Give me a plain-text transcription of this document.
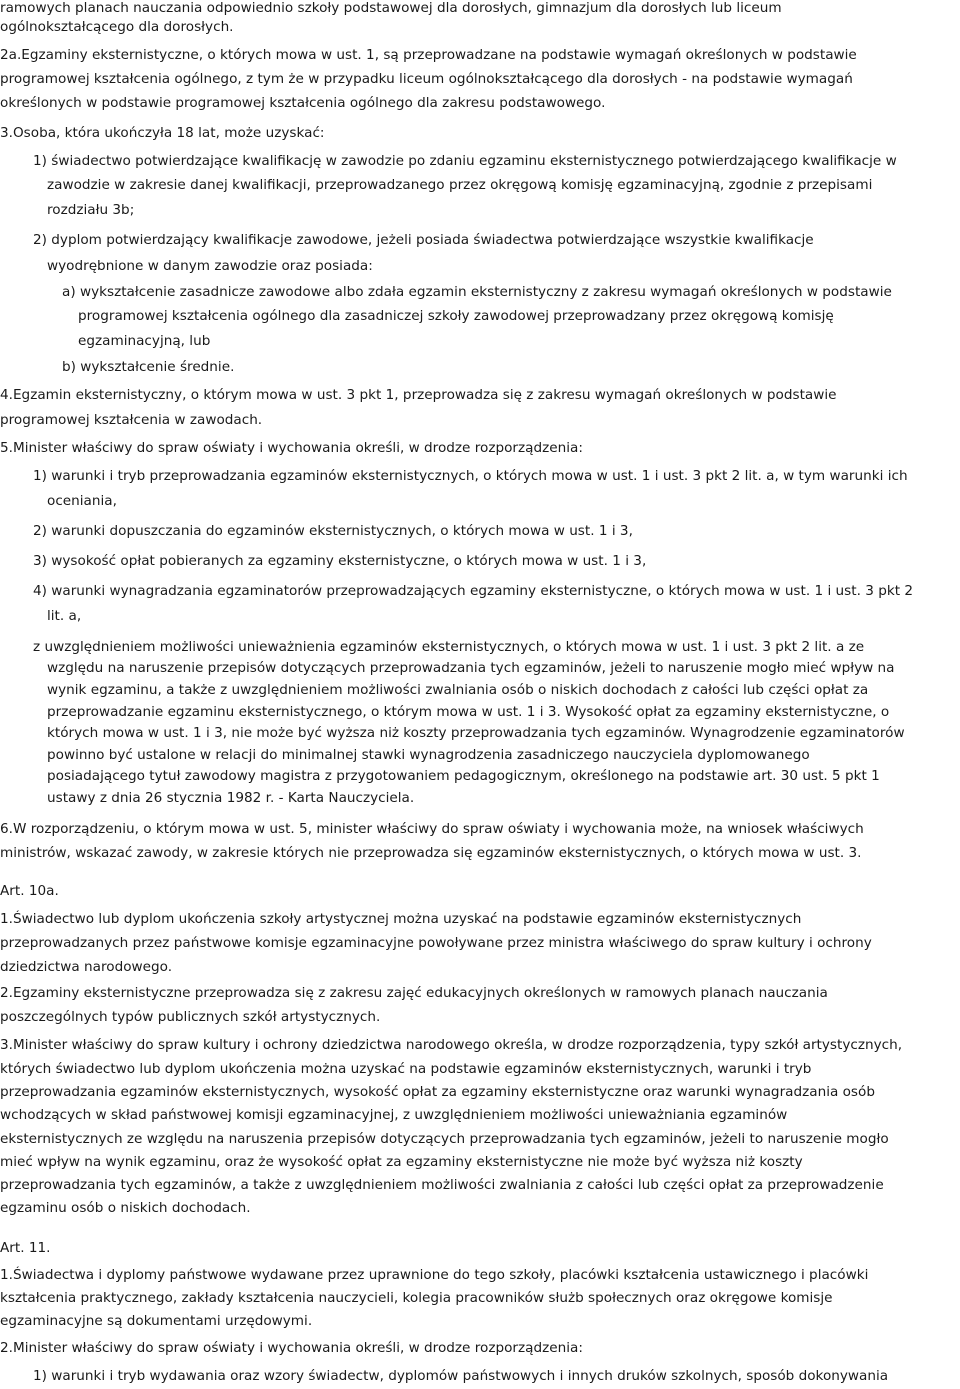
ramowych planach nauczania odpowiednio szkoły podstawowej dla dorosłych, gimnazjum dla dorosłych lub liceum
ogólnokształcącego dla dorosłych.
2a.Egzaminy eksternistyczne, o których mowa w ust. 1, są przeprowadzane na podstawie wymagań określonych w podstawie
programowej kształcenia ogólnego, z tym że w przypadku liceum ogólnokształcącego dla dorosłych - na podstawie wymagań
określonych w podstawie programowej kształcenia ogólnego dla zakresu podstawowego.
3.Osoba, która ukończyła 18 lat, może uzyskać:
1) świadectwo potwierdzające kwalifikację w zawodzie po zdaniu egzaminu eksternistycznego potwierdzającego kwalifikacje w
zawodzie w zakresie danej kwalifikacji, przeprowadzanego przez okręgową komisję egzaminacyjną, zgodnie z przepisami
rozdziału 3b;
2) dyplom potwierdzający kwalifikacje zawodowe, jeżeli posiada świadectwa potwierdzające wszystkie kwalifikacje
wyodrębnione w danym zawodzie oraz posiada:
a) wykształcenie zasadnicze zawodowe albo zdała egzamin eksternistyczny z zakresu wymagań określonych w podstawie
programowej kształcenia ogólnego dla zasadniczej szkoły zawodowej przeprowadzany przez okręgową komisję
egzaminacyjną, lub
b) wykształcenie średnie.
4.Egzamin eksternistyczny, o którym mowa w ust. 3 pkt 1, przeprowadza się z zakresu wymagań określonych w podstawie
programowej kształcenia w zawodach.
5.Minister właściwy do spraw oświaty i wychowania określi, w drodze rozporządzenia:
1) warunki i tryb przeprowadzania egzaminów eksternistycznych, o których mowa w ust. 1 i ust. 3 pkt 2 lit. a, w tym warunki ich
oceniania,
2) warunki dopuszczania do egzaminów eksternistycznych, o których mowa w ust. 1 i 3,
3) wysokość opłat pobieranych za egzaminy eksternistyczne, o których mowa w ust. 1 i 3,
4) warunki wynagradzania egzaminatorów przeprowadzających egzaminy eksternistyczne, o których mowa w ust. 1 i ust. 3 pkt 2
lit. a,
z uwzględnieniem możliwości unieważnienia egzaminów eksternistycznych, o których mowa w ust. 1 i ust. 3 pkt 2 lit. a ze
względu na naruszenie przepisów dotyczących przeprowadzania tych egzaminów, jeżeli to naruszenie mogło mieć wpływ na
wynik egzaminu, a także z uwzględnieniem możliwości zwalniania osób o niskich dochodach z całości lub części opłat za
przeprowadzanie egzaminu eksternistycznego, o którym mowa w ust. 1 i 3. Wysokość opłat za egzaminy eksternistyczne, o
których mowa w ust. 1 i 3, nie może być wyższa niż koszty przeprowadzania tych egzaminów. Wynagrodzenie egzaminatorów
powinno być ustalone w relacji do minimalnej stawki wynagrodzenia zasadniczego nauczyciela dyplomowanego
posiadającego tytuł zawodowy magistra z przygotowaniem pedagogicznym, określonego na podstawie art. 30 ust. 5 pkt 1
ustawy z dnia 26 stycznia 1982 r. - Karta Nauczyciela.
6.W rozporządzeniu, o którym mowa w ust. 5, minister właściwy do spraw oświaty i wychowania może, na wniosek właściwych
ministrów, wskazać zawody, w zakresie których nie przeprowadza się egzaminów eksternistycznych, o których mowa w ust. 3.
Art. 10a.
1.Świadectwo lub dyplom ukończenia szkoły artystycznej można uzyskać na podstawie egzaminów eksternistycznych
przeprowadzanych przez państwowe komisje egzaminacyjne powoływane przez ministra właściwego do spraw kultury i ochrony
dziedzictwa narodowego.
2.Egzaminy eksternistyczne przeprowadza się z zakresu zajęć edukacyjnych określonych w ramowych planach nauczania
poszczególnych typów publicznych szkół artystycznych.
3.Minister właściwy do spraw kultury i ochrony dziedzictwa narodowego określa, w drodze rozporządzenia, typy szkół artystycznych,
których świadectwo lub dyplom ukończenia można uzyskać na podstawie egzaminów eksternistycznych, warunki i tryb
przeprowadzania egzaminów eksternistycznych, wysokość opłat za egzaminy eksternistyczne oraz warunki wynagradzania osób
wchodzących w skład państwowej komisji egzaminacyjnej, z uwzględnieniem możliwości unieważniania egzaminów
eksternistycznych ze względu na naruszenia przepisów dotyczących przeprowadzania tych egzaminów, jeżeli to naruszenie mogło
mieć wpływ na wynik egzaminu, oraz że wysokość opłat za egzaminy eksternistyczne nie może być wyższa niż koszty
przeprowadzania tych egzaminów, a także z uwzględnieniem możliwości zwalniania z całości lub części opłat za przeprowadzenie
egzaminu osób o niskich dochodach.
Art. 11.
1.Świadectwa i dyplomy państwowe wydawane przez uprawnione do tego szkoły, placówki kształcenia ustawicznego i placówki
kształcenia praktycznego, zakłady kształcenia nauczycieli, kolegia pracowników służb społecznych oraz okręgowe komisje
egzaminacyjne są dokumentami urzędowymi.
2.Minister właściwy do spraw oświaty i wychowania określi, w drodze rozporządzenia:
1) warunki i tryb wydawania oraz wzory świadectw, dyplomów państwowych i innych druków szkolnych, sposób dokonywania
